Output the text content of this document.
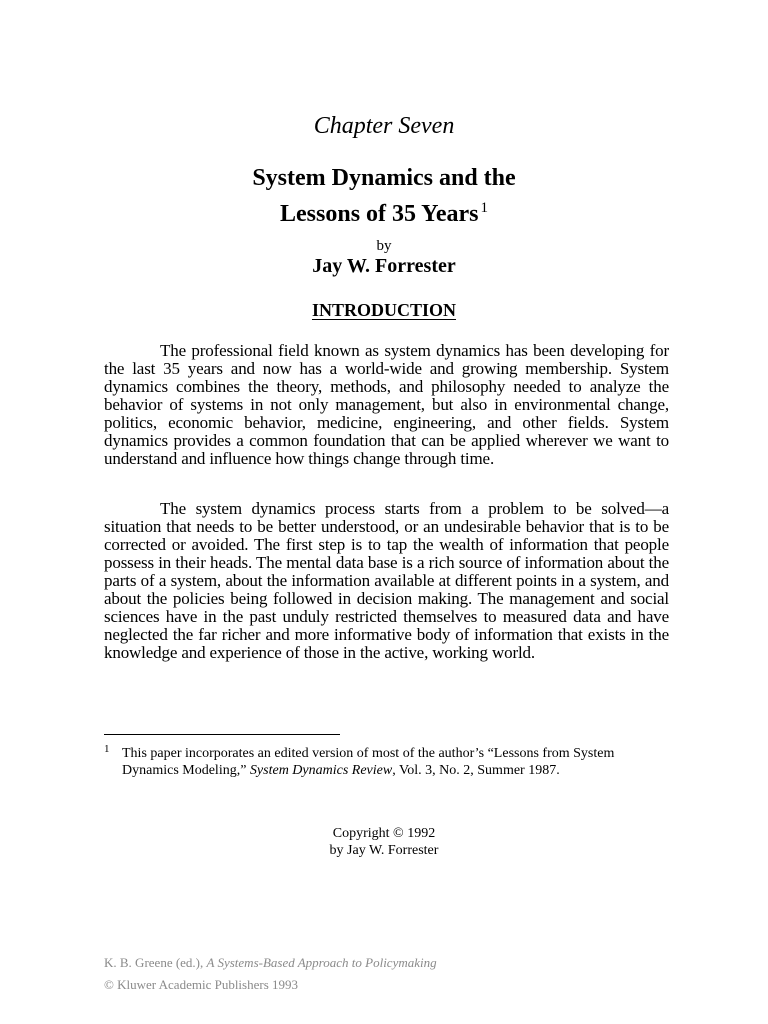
Chapter Seven
System Dynamics and the
Lessons of 35 Years $^1$
by
Jay W. Forrester
INTRODUCTION

The professional field known as system dynamics has been developing for the last 35 years and now has a world-wide and growing membership. System dynamics combines the theory, methods, and philosophy needed to analyze the behavior of systems in not only management, but also in environmental change, politics, economic behavior, medicine, engineering, and other fields. System dynamics provides a common foundation that can be applied wherever we want to understand and influence how things change through time.

The system dynamics process starts from a problem to be solved—a situation that needs to be better understood, or an undesirable behavior that is to be corrected or avoided. The first step is to tap the wealth of information that people possess in their heads. The mental data base is a rich source of information about the parts of a system, about the information available at different points in a system, and about the policies being followed in decision making. The management and social sciences have in the past unduly restricted themselves to measured data and have neglected the far richer and more informative body of information that exists in the knowledge and experience of those in the active, working world.

1 This paper incorporates an edited version of most of the author’s “Lessons from System Dynamics Modeling,” System Dynamics Review, Vol. 3, No. 2, Summer 1987.

Copyright © 1992
by Jay W. Forrester
K. B. Greene (ed.), A Systems-Based Approach to Policymaking
© Kluwer Academic Publishers 1993
